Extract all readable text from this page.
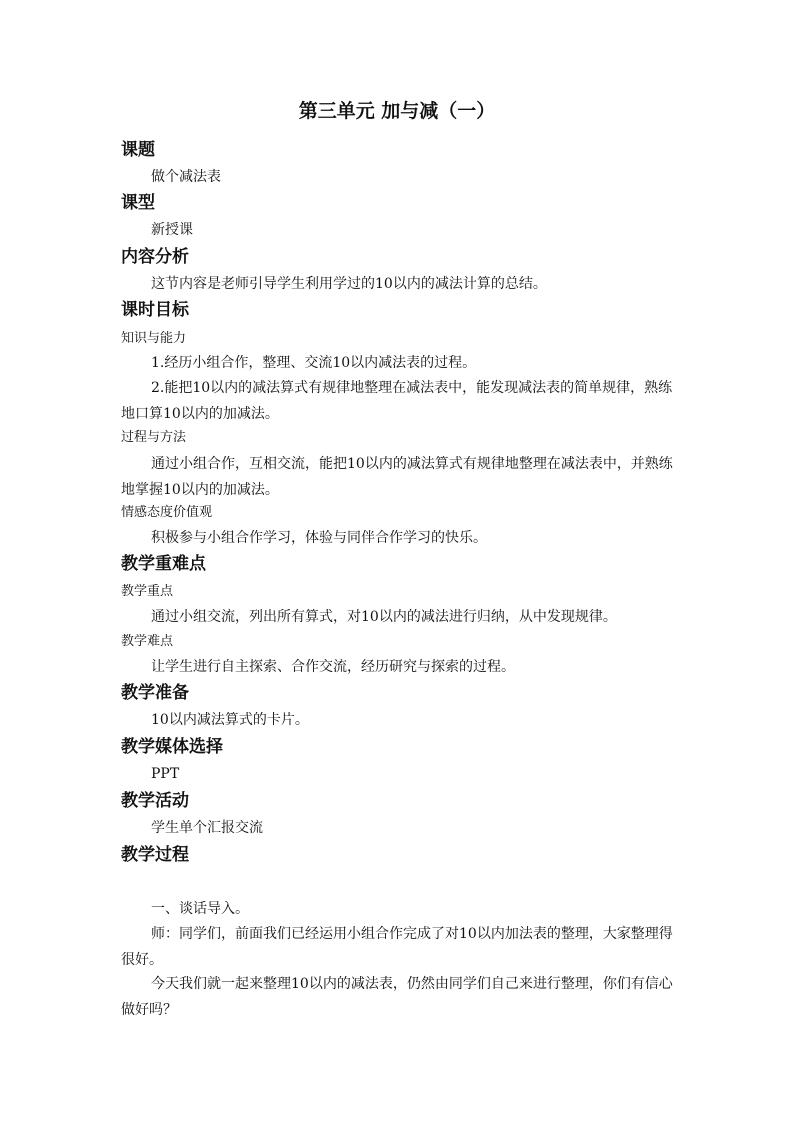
第三单元 加与减（一）
课题
做个减法表
课型
新授课
内容分析
这节内容是老师引导学生利用学过的10以内的减法计算的总结。
课时目标
知识与能力
1.经历小组合作，整理、交流10以内减法表的过程。
2.能把10以内的减法算式有规律地整理在减法表中，能发现减法表的简单规律，熟练地口算10以内的加减法。
过程与方法
通过小组合作，互相交流，能把10以内的减法算式有规律地整理在减法表中，并熟练地掌握10以内的加减法。
情感态度价值观
积极参与小组合作学习，体验与同伴合作学习的快乐。
教学重难点
教学重点
通过小组交流，列出所有算式，对10以内的减法进行归纳，从中发现规律。
教学难点
让学生进行自主探索、合作交流，经历研究与探索的过程。
教学准备
10以内减法算式的卡片。
教学媒体选择
PPT
教学活动
学生单个汇报交流
教学过程
一、谈话导入。
师：同学们，前面我们已经运用小组合作完成了对10以内加法表的整理，大家整理得很好。
今天我们就一起来整理10以内的减法表，仍然由同学们自己来进行整理，你们有信心做好吗？
